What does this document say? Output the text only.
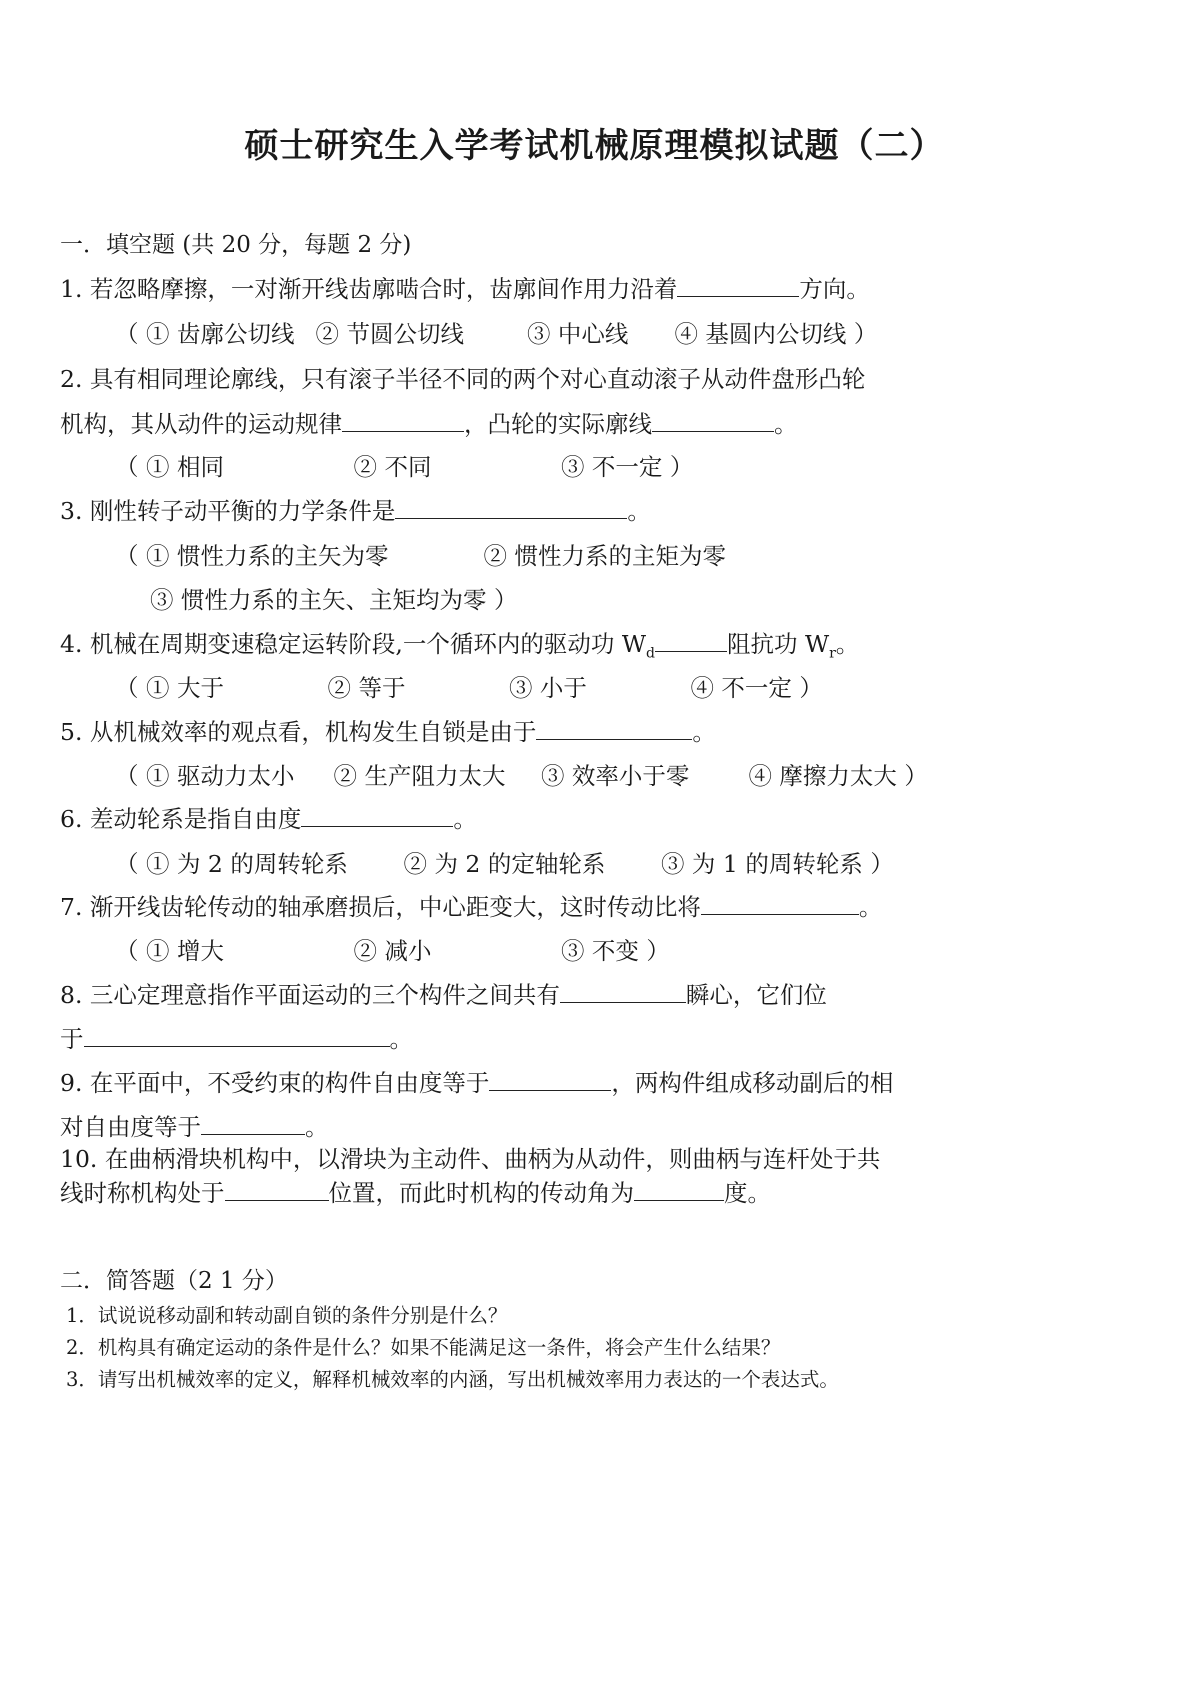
硕士研究生入学考试机械原理模拟试题（二）
一．填空题 (共 20 分，每题 2 分)
1. 若忽略摩擦，一对渐开线齿廓啮合时，齿廓间作用力沿着	方向。
（ ① 齿廓公切线 ② 节圆公切线	③ 中心线 ④ 基圆内公切线 ）
2. 具有相同理论廓线，只有滚子半径不同的两个对心直动滚子从动件盘形凸轮
机构，其从动件的运动规律	，凸轮的实际廓线	。
（ ① 相同	② 不同	③ 不一定 ）
3. 刚性转子动平衡的力学条件是	。
（ ① 惯性力系的主矢为零	② 惯性力系的主矩为零
③ 惯性力系的主矢、主矩均为零 ）
4. 机械在周期变速稳定运转阶段,一个循环内的驱动功 $W_d$	阻抗功 $W_r$。
（ ① 大于	② 等于	③ 小于	④ 不一定 ）
5. 从机械效率的观点看，机构发生自锁是由于	。
（ ① 驱动力太小 ② 生产阻力太大 ③ 效率小于零	④ 摩擦力太大 ）
6. 差动轮系是指自由度	。
（ ① 为 2 的周转轮系 ② 为 2 的定轴轮系 ③ 为 1 的周转轮系 ）
7. 渐开线齿轮传动的轴承磨损后，中心距变大，这时传动比将	。
（ ① 增大	② 减小	③ 不变 ）
8. 三心定理意指作平面运动的三个构件之间共有	瞬心，它们位
于	。
9. 在平面中，不受约束的构件自由度等于	，两构件组成移动副后的相
对自由度等于	。
10. 在曲柄滑块机构中，以滑块为主动件、曲柄为从动件，则曲柄与连杆处于共
线时称机构处于	位置，而此时机构的传动角为	度。
二．简答题（2 1 分）
1．试说说移动副和转动副自锁的条件分别是什么？
2．机构具有确定运动的条件是什么？如果不能满足这一条件，将会产生什么结果？
3．请写出机械效率的定义，解释机械效率的内涵，写出机械效率用力表达的一个表达式。
